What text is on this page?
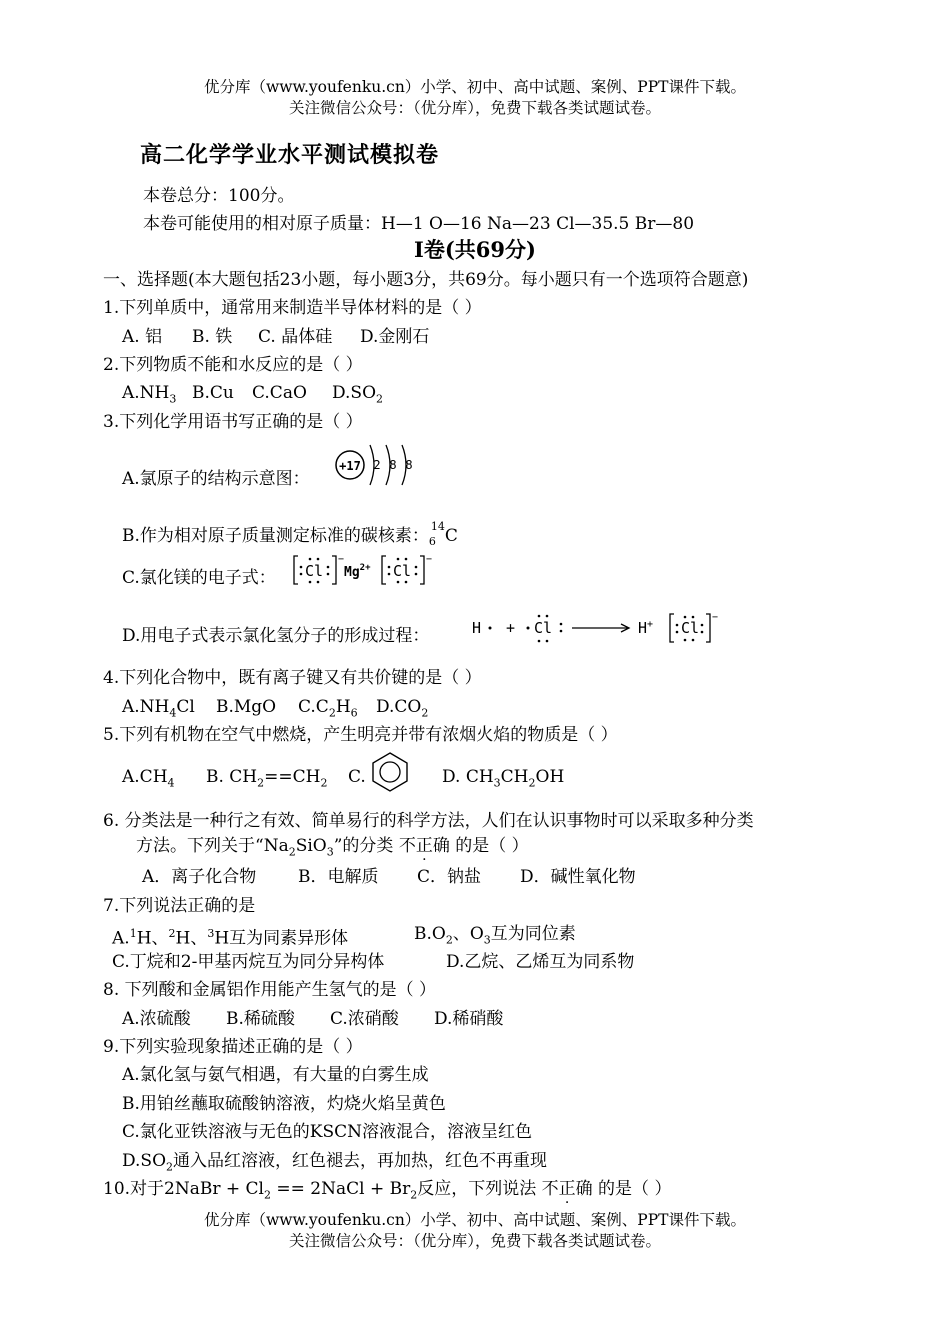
优分库（www.youfenku.cn）小学、初中、高中试题、案例、PPT课件下载。
关注微信公众号：（优分库），免费下载各类试题试卷。
高二化学学业水平测试模拟卷
本卷总分：100分。
本卷可能使用的相对原子质量：H—1 O—16 Na—23 Cl—35.5 Br—80
I卷(共69分)
一、选择题(本大题包括23小题，每小题3分，共69分。每小题只有一个选项符合题意)
1.下列单质中，通常用来制造半导体材料的是（ ）
A. 铝 B. 铁 C. 晶体硅 D.金刚石
2.下列物质不能和水反应的是（ ）
$A.NH_3$ B.Cu C.CaO $D.SO_2$
3.下列化学用语书写正确的是（ ）
A.氯原子的结构示意图：
+17 2 8 8
B.作为相对原子质量测定标准的碳核素： 14
6 C
C.氯化镁的电子式： Cl
−
$Mg^{2+}$ Cl
−
D.用电子式表示氯化氢分子的形成过程：	H + Cl	H+ Cl
−
4.下列化合物中，既有离子键又有共价键的是（ ）
$A.NH_4Cl$ B.MgO $C.C_2H_6$ $D.CO_2$
5.下列有机物在空气中燃烧，产生明亮并带有浓烟火焰的物质是（ ）
$A.CH_4$ B. $CH_2==CH_2$ C.	D. $CH_3CH_2OH$
6. 分类法是一种行之有效、简单易行的科学方法，人们在认识事物时可以采取多种分类
方法。下列关于“$Na_2SiO_3$”的分类 不正确 的是（ ）
A．离子化合物 B．电解质 C．钠盐 D．碱性氧化物
7.下列说法正确的是
A.$^1$H、$^2$H、$^3$H互为同素异形体	$B.O_2$、$O_3$互为同位素
C.丁烷和2-甲基丙烷互为同分异构体	D.乙烷、乙烯互为同系物
8. 下列酸和金属铝作用能产生氢气的是（ ）
A.浓硫酸 B.稀硫酸 C.浓硝酸 D.稀硝酸
9.下列实验现象描述正确的是（ ）
A.氯化氢与氨气相遇，有大量的白雾生成
B.用铂丝蘸取硫酸钠溶液，灼烧火焰呈黄色
C.氯化亚铁溶液与无色的KSCN溶液混合，溶液呈红色
$D.SO_2$通入品红溶液，红色褪去，再加热，红色不再重现
10.对于2NaBr + $Cl_2$ == 2NaCl + $Br_2$反应，下列说法 不正确 的是（ ）
优分库（www.youfenku.cn）小学、初中、高中试题、案例、PPT课件下载。
关注微信公众号：（优分库），免费下载各类试题试卷。
